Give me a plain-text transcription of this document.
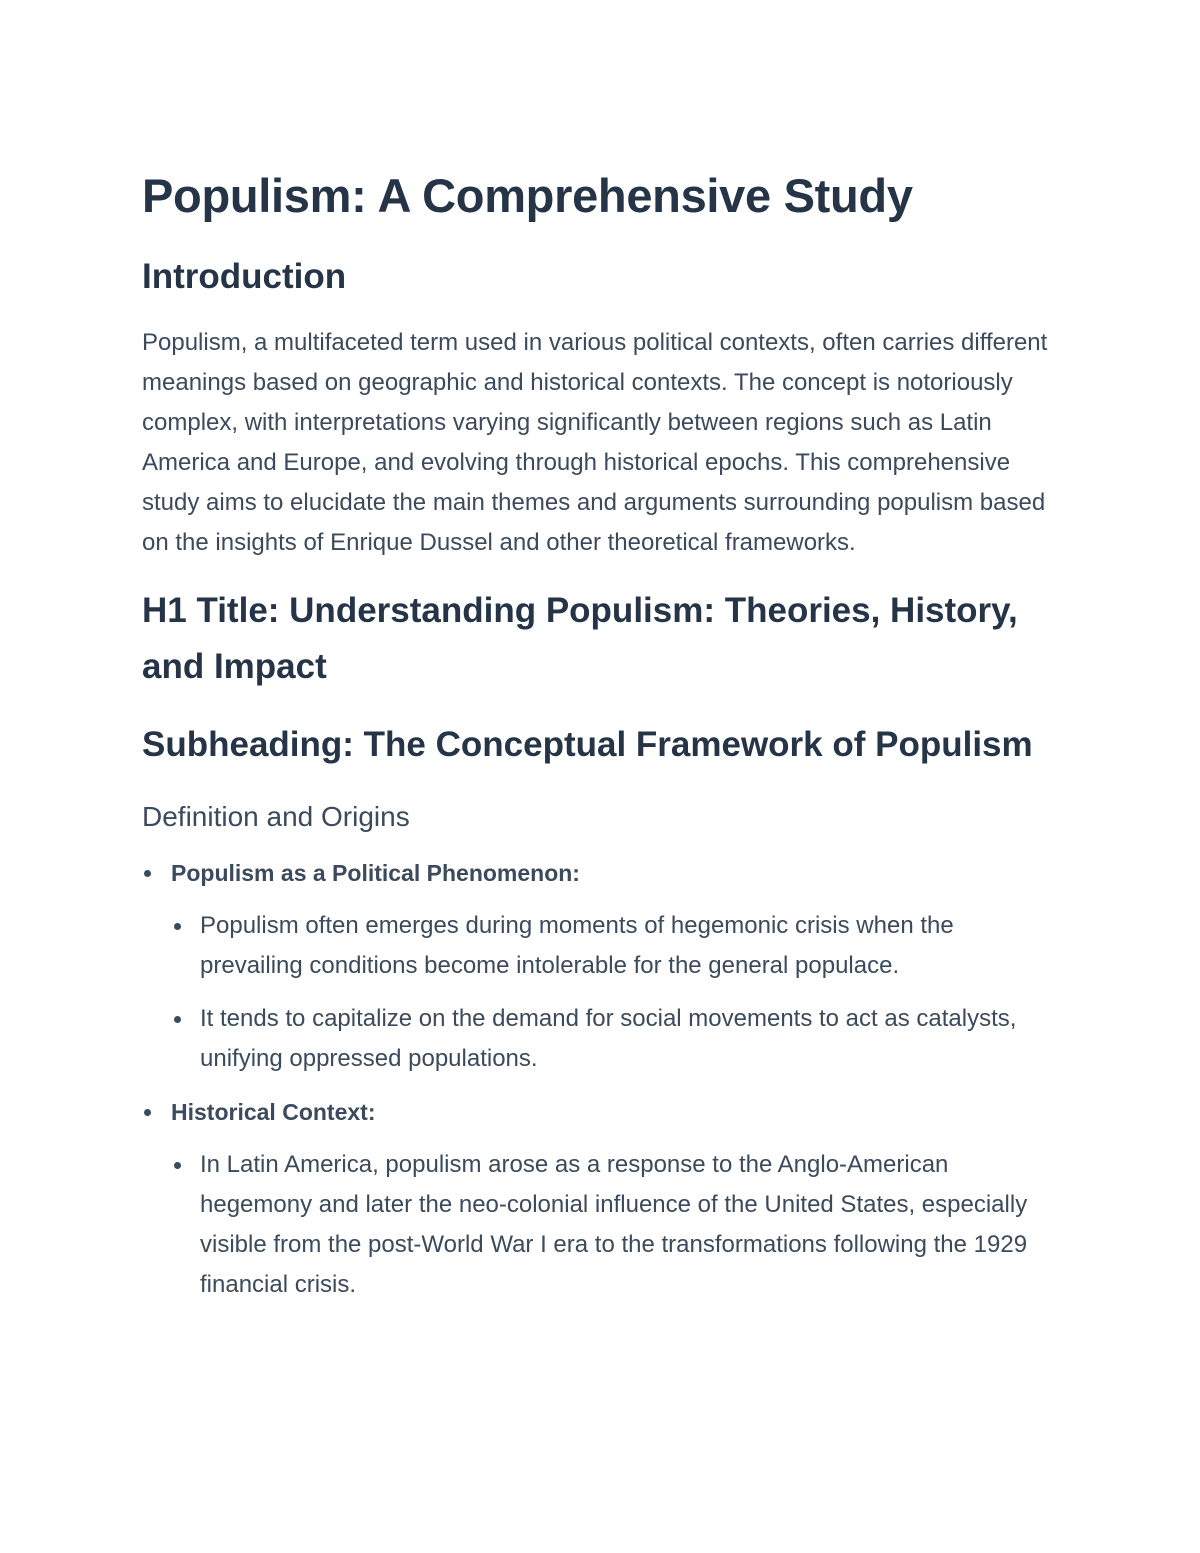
Populism: A Comprehensive Study
Introduction

Populism, a multifaceted term used in various political contexts, often carries different meanings based on geographic and historical contexts. The concept is notoriously complex, with interpretations varying significantly between regions such as Latin America and Europe, and evolving through historical epochs. This comprehensive study aims to elucidate the main themes and arguments surrounding populism based on the insights of Enrique Dussel and other theoretical frameworks.

H1 Title: Understanding Populism: Theories, History, and Impact
Subheading: The Conceptual Framework of Populism
Definition and Origins
Populism as a Political Phenomenon:
Populism often emerges during moments of hegemonic crisis when the prevailing conditions become intolerable for the general populace.
It tends to capitalize on the demand for social movements to act as catalysts, unifying oppressed populations.
Historical Context:
In Latin America, populism arose as a response to the Anglo-American hegemony and later the neo-colonial influence of the United States, especially visible from the post-World War I era to the transformations following the 1929 financial crisis.
